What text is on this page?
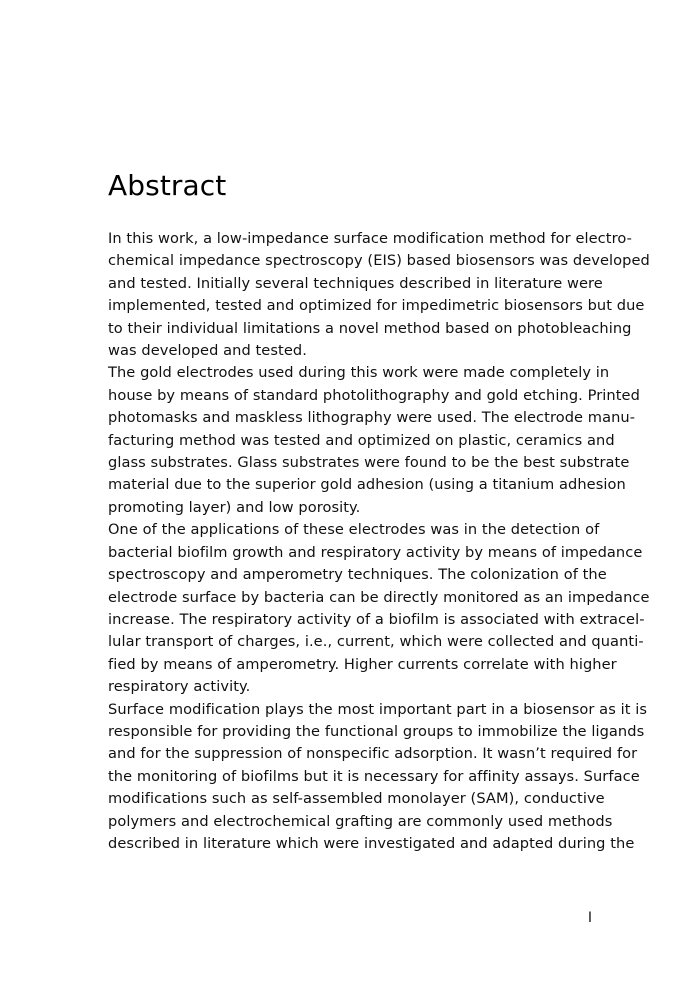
Abstract

In this work, a low-impedance surface modification method for electro-
chemical impedance spectroscopy (EIS) based biosensors was developed
and tested. Initially several techniques described in literature were
implemented, tested and optimized for impedimetric biosensors but due
to their individual limitations a novel method based on photobleaching
was developed and tested.

The gold electrodes used during this work were made completely in
house by means of standard photolithography and gold etching. Printed
photomasks and maskless lithography were used. The electrode manu-
facturing method was tested and optimized on plastic, ceramics and
glass substrates. Glass substrates were found to be the best substrate
material due to the superior gold adhesion (using a titanium adhesion
promoting layer) and low porosity.

One of the applications of these electrodes was in the detection of
bacterial biofilm growth and respiratory activity by means of impedance
spectroscopy and amperometry techniques. The colonization of the
electrode surface by bacteria can be directly monitored as an impedance
increase. The respiratory activity of a biofilm is associated with extracel-
lular transport of charges, i.e., current, which were collected and quanti-
fied by means of amperometry. Higher currents correlate with higher
respiratory activity.

Surface modification plays the most important part in a biosensor as it is
responsible for providing the functional groups to immobilize the ligands
and for the suppression of nonspecific adsorption. It wasn’t required for
the monitoring of biofilms but it is necessary for affinity assays. Surface
modifications such as self-assembled monolayer (SAM), conductive
polymers and electrochemical grafting are commonly used methods
described in literature which were investigated and adapted during the

I
